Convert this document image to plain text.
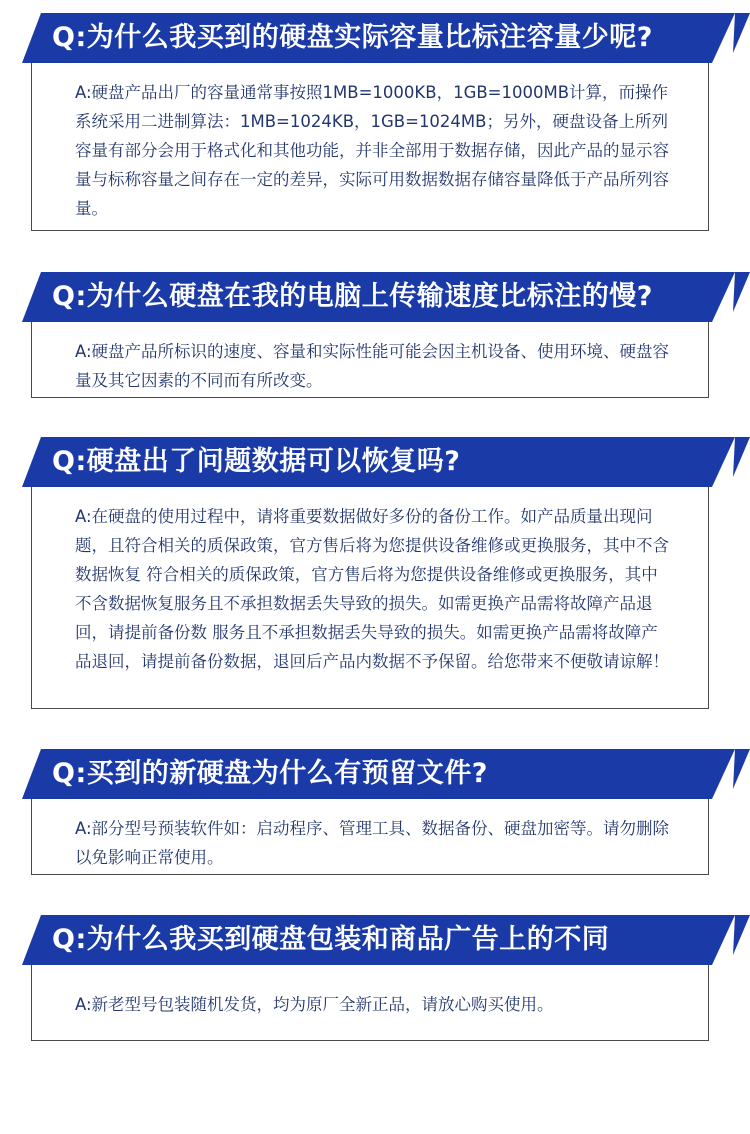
A:硬盘产品出厂的容量通常事按照1MB=1000KB，1GB=1000MB计算，而操作系统采用二进制算法：1MB=1024KB，1GB=1024MB；另外，硬盘设备上所列容量有部分会用于格式化和其他功能，并非全部用于数据存储，因此产品的显示容量与标称容量之间存在一定的差异，实际可用数据数据存储容量降低于产品所列容量。

Q:为什么我买到的硬盘实际容量比标注容量少呢?

A:硬盘产品所标识的速度、容量和实际性能可能会因主机设备、使用环境、硬盘容量及其它因素的不同而有所改变。

Q:为什么硬盘在我的电脑上传输速度比标注的慢?

A:在硬盘的使用过程中，请将重要数据做好多份的备份工作。如产品质量出现问题，且符合相关的质保政策，官方售后将为您提供设备维修或更换服务，其中不含数据恢复 符合相关的质保政策，官方售后将为您提供设备维修或更换服务，其中不含数据恢复服务且不承担数据丢失导致的损失。如需更换产品需将故障产品退回，请提前备份数 服务且不承担数据丢失导致的损失。如需更换产品需将故障产品退回，请提前备份数据，退回后产品内数据不予保留。给您带来不便敬请谅解！

Q:硬盘出了问题数据可以恢复吗?

A:部分型号预装软件如：启动程序、管理工具、数据备份、硬盘加密等。请勿删除以免影响正常使用。

Q:买到的新硬盘为什么有预留文件?

A:新老型号包装随机发货，均为原厂全新正品，请放心购买使用。

Q:为什么我买到硬盘包装和商品广告上的不同
